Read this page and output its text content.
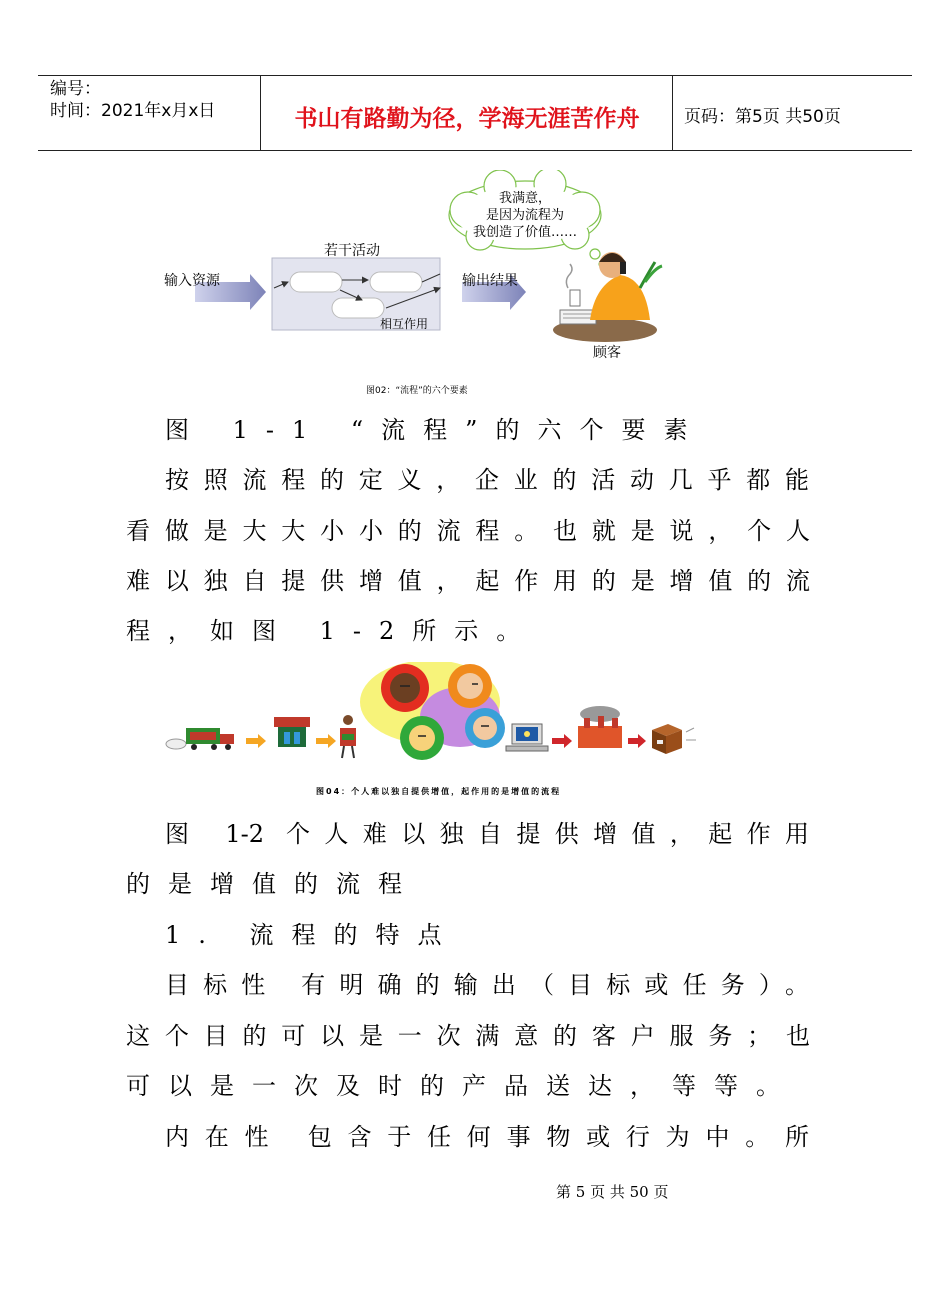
编号：
时间：2021年x月x日	书山有路勤为径，学海无涯苦作舟	页码：第5页 共50页
输入资源
若干活动
相互作用
输出结果
顾客
我满意，
是因为流程为
我创造了价值……
图02：“流程”的六个要素
图 1-1 “流程”的六个要素
按照流程的定义，企业的活动几乎都能
看做是大大小小的流程。也就是说，个人
难以独自提供增值，起作用的是增值的流
程，如图 1-2所示。
图04：个人难以独自提供增值，起作用的是增值的流程
图 1-2 个人难以独自提供增值，起作用
的是增值的流程
1. 流程的特点
目标性 有明确的输出（目标或任务）。
这个目的可以是一次满意的客户服务；也
可以是一次及时的产品送达，等等。
内在性 包含于任何事物或行为中。所
第 5 页 共 50 页
